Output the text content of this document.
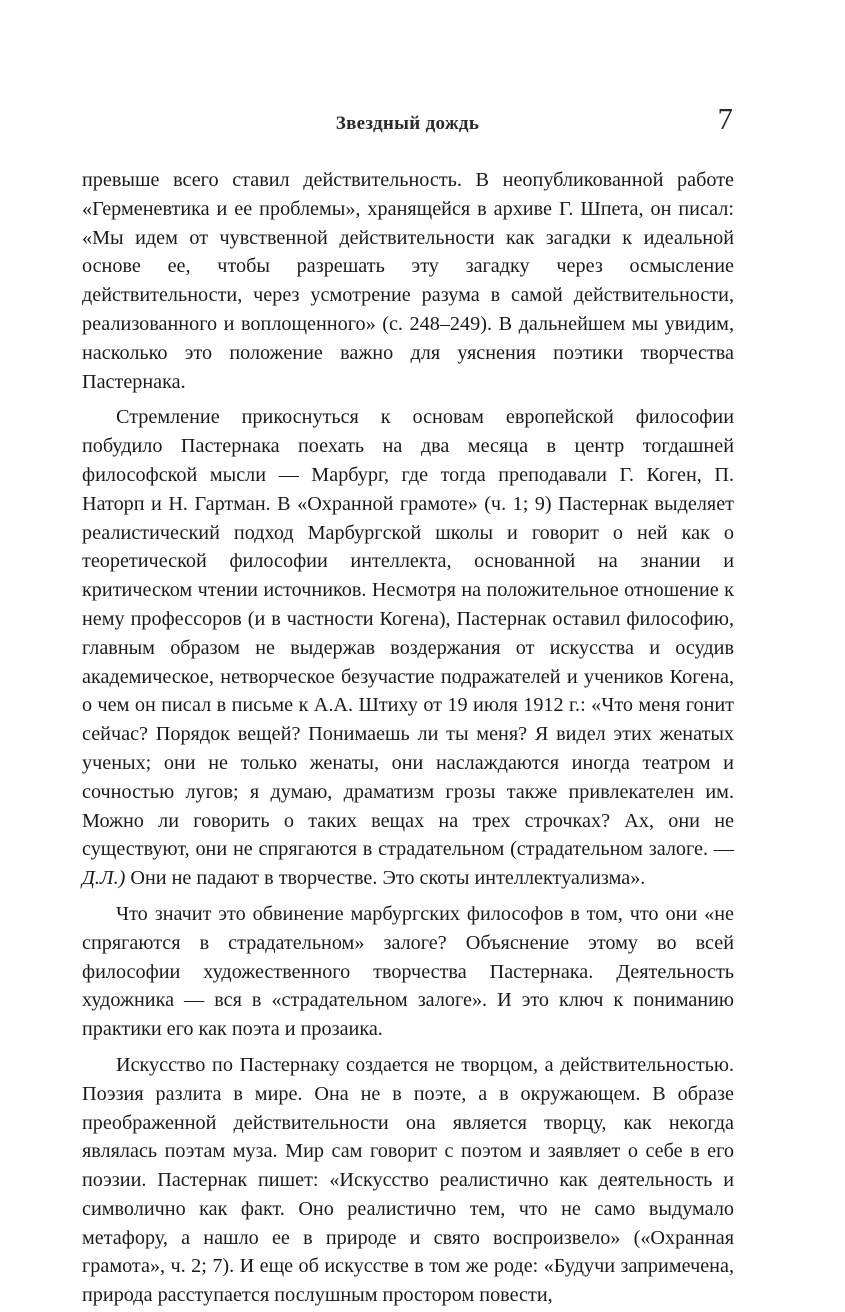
Звездный дождь	7

превыше всего ставил действительность. В неопубликованной работе «Герменевтика и ее проблемы», хранящейся в архиве Г. Шпета, он писал: «Мы идем от чувственной действительности как загадки к идеальной основе ее, чтобы разрешать эту загадку через осмысление действительности, через усмотрение разума в самой действительности, реализованного и воплощенного» (с. 248–249). В дальнейшем мы увидим, насколько это положение важно для уяснения поэтики творчества Пастернака.

Стремление прикоснуться к основам европейской философии побудило Пастернака поехать на два месяца в центр тогдашней философской мысли — Марбург, где тогда преподавали Г. Коген, П. Наторп и Н. Гартман. В «Охранной грамоте» (ч. 1; 9) Пастернак выделяет реалистический подход Марбургской школы и говорит о ней как о теоретической философии интеллекта, основанной на знании и критическом чтении источников. Несмотря на положительное отношение к нему профессоров (и в частности Когена), Пастернак оставил философию, главным образом не выдержав воздержания от искусства и осудив академическое, нетворческое безучастие подражателей и учеников Когена, о чем он писал в письме к А.А. Штиху от 19 июля 1912 г.: «Что меня гонит сейчас? Порядок вещей? Понимаешь ли ты меня? Я видел этих женатых ученых; они не только женаты, они наслаждаются иногда театром и сочностью лугов; я думаю, драматизм грозы также привлекателен им. Можно ли говорить о таких вещах на трех строчках? Ах, они не существуют, они не спрягаются в страдательном (страдательном залоге. — Д.Л.) Они не падают в творчестве. Это скоты интеллектуализма».

Что значит это обвинение марбургских философов в том, что они «не спрягаются в страдательном» залоге? Объяснение этому во всей философии художественного творчества Пастернака. Деятельность художника — вся в «страдательном залоге». И это ключ к пониманию практики его как поэта и прозаика.

Искусство по Пастернаку создается не творцом, а действительностью. Поэзия разлита в мире. Она не в поэте, а в окружающем. В образе преображенной действительности она является творцу, как некогда являлась поэтам муза. Мир сам говорит с поэтом и заявляет о себе в его поэзии. Пастернак пишет: «Искусство реалистично как деятельность и символично как факт. Оно реалистично тем, что не само выдумало метафору, а нашло ее в природе и свято воспроизвело» («Охранная грамота», ч. 2; 7). И еще об искусстве в том же роде: «Будучи запримечена, природа расступается послушным простором повести,
